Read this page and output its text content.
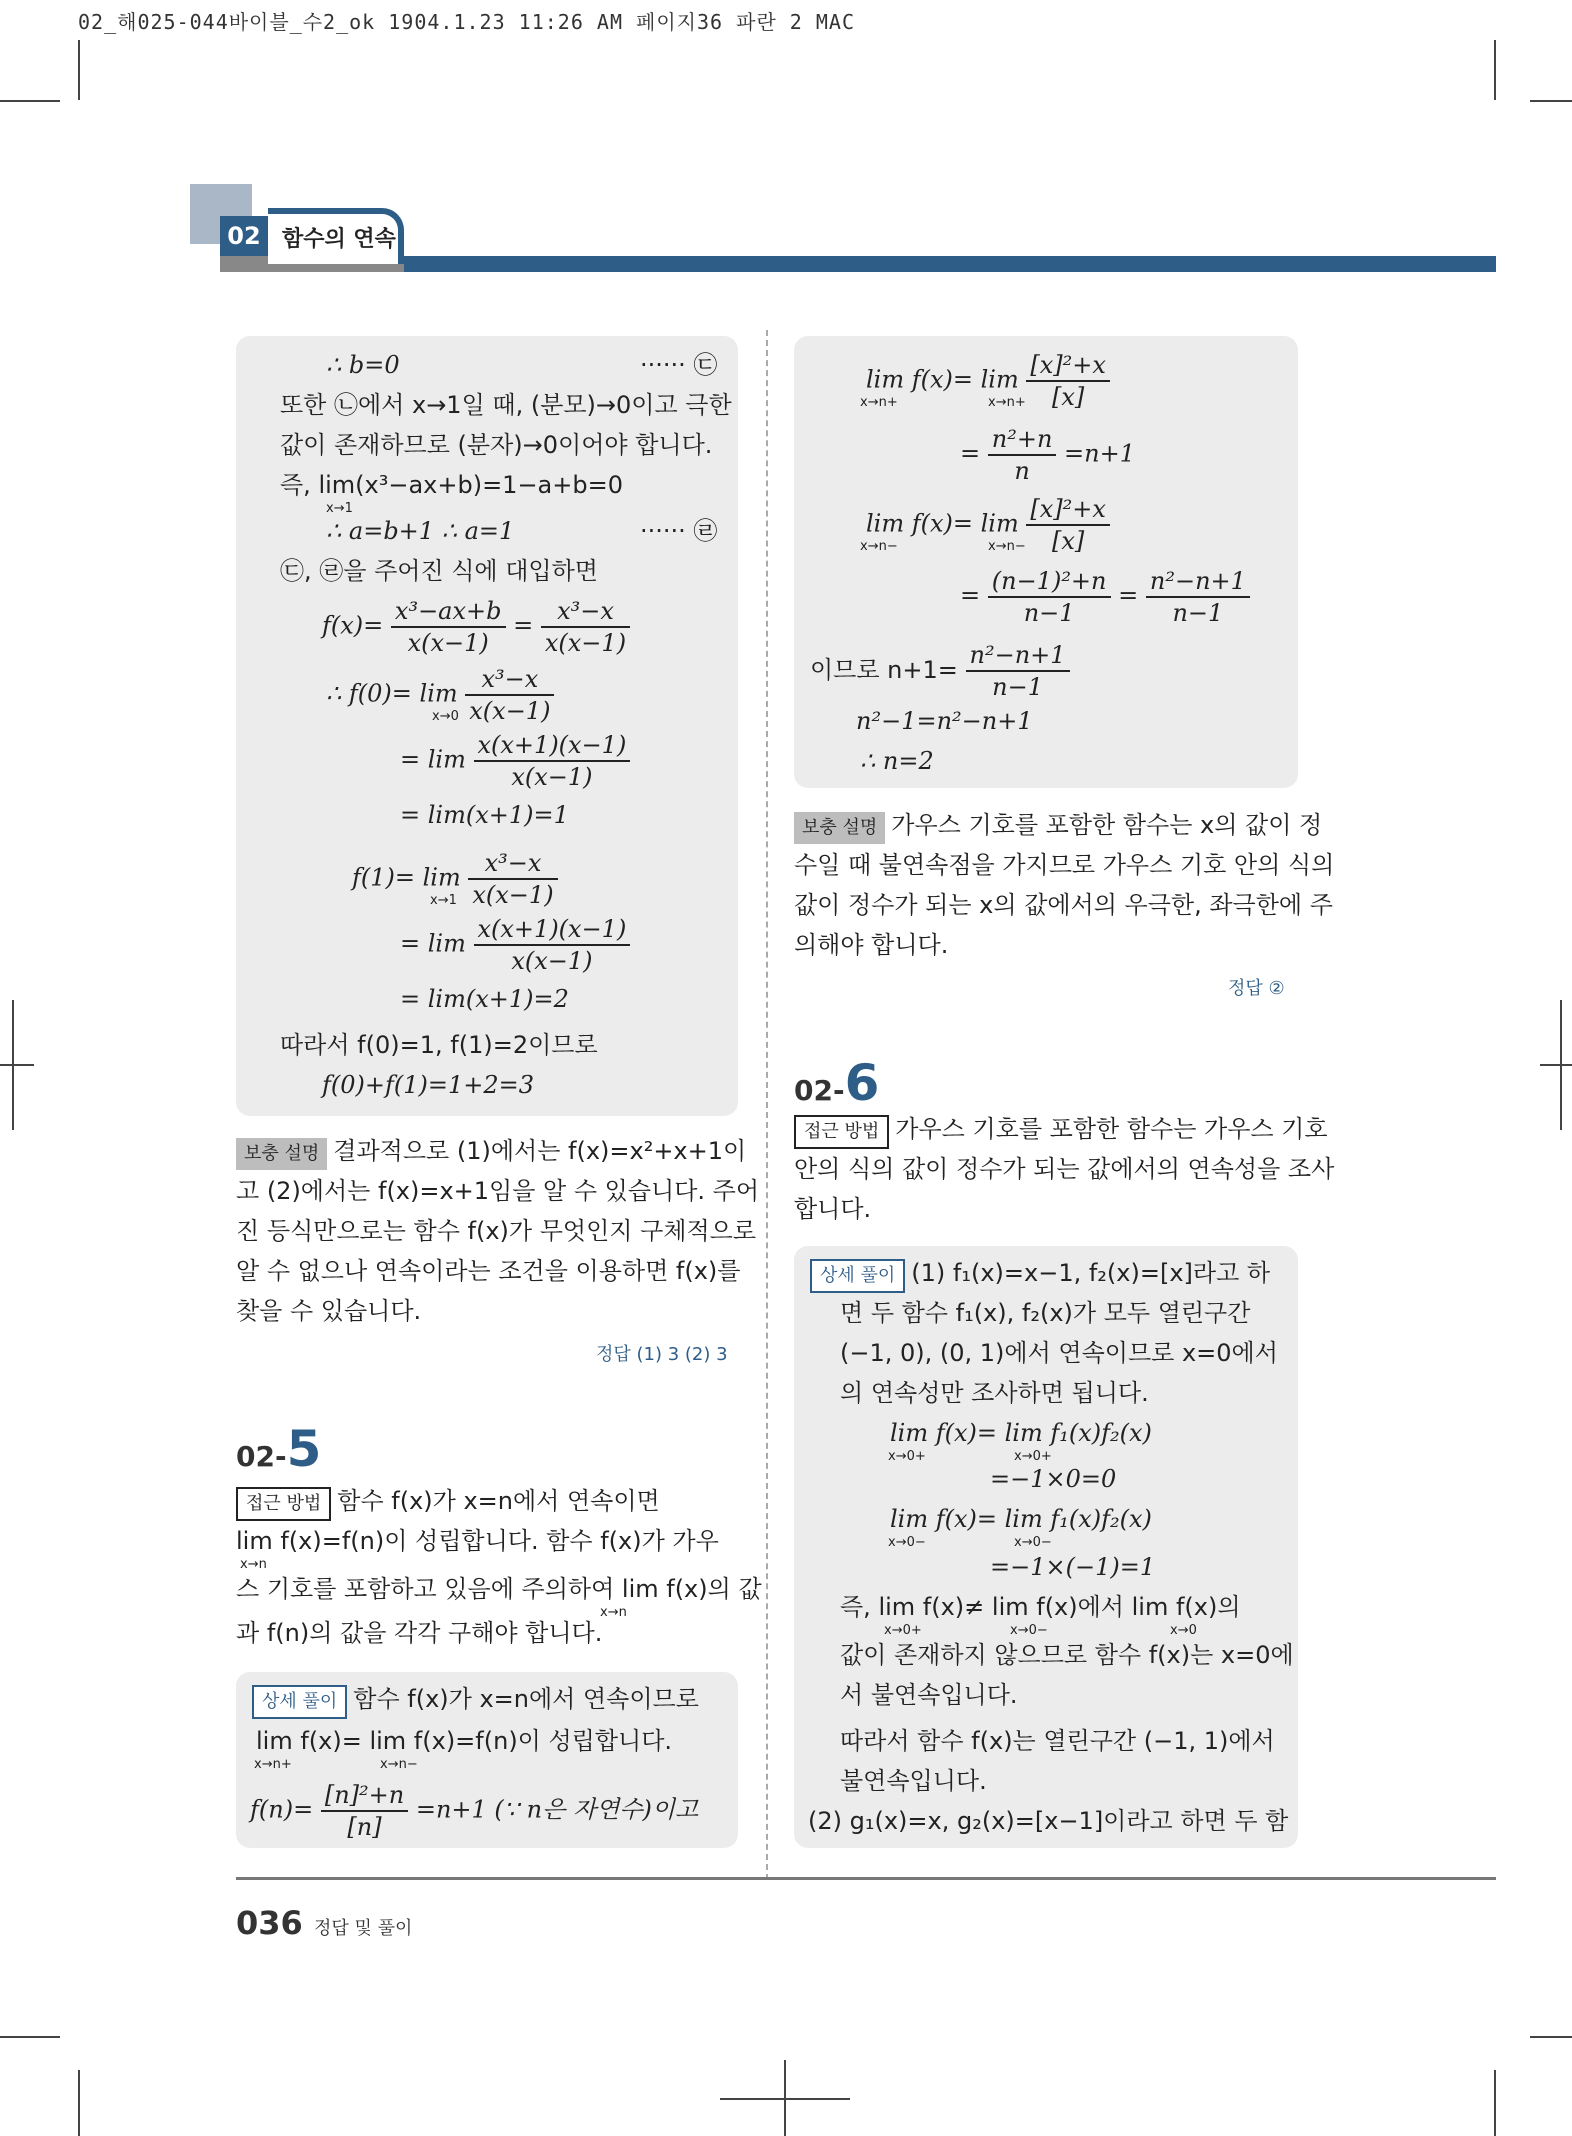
02_해025-044바이블_수2_ok 1904.1.23 11:26 AM 페이지36 파란 2 MAC
02 함수의 연속
∴ b=0	······ ㉢
또한 ㉡에서 x→1일 때, (분모)→0이고 극한
값이 존재하므로 (분자)→0이어야 합니다.
즉, lim(x³−ax+b)=1−a+b=0
x→1
∴ a=b+1 ∴ a=1	······ ㉣
㉢, ㉣을 주어진 식에 대입하면
$f(x)= \frac{\text{x³−ax+b}}{x(x-1)} = \frac{\text{x³−x}}{x(x-1)}$
∴ $f(0)= \lim \frac{\text{x³−x}}{x(x-1)}$
x→0
= $\lim \frac{x(x+1)(x-1)}{x(x-1)}$
= lim(x+1)=1
$f(1)= \lim \frac{\text{x³−x}}{x(x-1)}$
x→1
= $\lim \frac{x(x+1)(x-1)}{x(x-1)}$
= lim(x+1)=2
따라서 f(0)=1, f(1)=2이므로
f(0)+f(1)=1+2=3
보충 설명 결과적으로 (1)에서는 f(x)=x²+x+1이
고 (2)에서는 f(x)=x+1임을 알 수 있습니다. 주어
진 등식만으로는 함수 f(x)가 무엇인지 구체적으로
알 수 없으나 연속이라는 조건을 이용하면 f(x)를
찾을 수 있습니다.
정답 (1) 3 (2) 3
02-5
접근 방법 함수 f(x)가 x=n에서 연속이면
lim f(x)=f(n)이 성립합니다. 함수 f(x)가 가우
x→n
스 기호를 포함하고 있음에 주의하여 lim f(x)의 값
x→n
과 f(n)의 값을 각각 구해야 합니다.
상세 풀이 함수 f(x)가 x=n에서 연속이므로
lim f(x)= lim f(x)=f(n)이 성립합니다.
x→n+	x→n−
$f(n)= \frac{\text{[n]²+n}}{[n]} =n+1$ (∵ n은 자연수)이고
$\lim f(x)= \lim \frac{\text{[x]²+x}}{[x]}$
x→n+	x→n+
= $\frac{\text{n²+n}}{n} =n+1$
$\lim f(x)= \lim \frac{\text{[x]²+x}}{[x]}$
x→n−	x→n−
= $\frac{\text{(n−1)²+n}}{n-1} = \frac{\text{n²−n+1}}{n-1}$
이므로 $n+1= \frac{\text{n²−n+1}}{n-1}$
n²−1=n²−n+1
∴ n=2
보충 설명 가우스 기호를 포함한 함수는 x의 값이 정
수일 때 불연속점을 가지므로 가우스 기호 안의 식의
값이 정수가 되는 x의 값에서의 우극한, 좌극한에 주
의해야 합니다.
정답 ②
02-6
접근 방법 가우스 기호를 포함한 함수는 가우스 기호
안의 식의 값이 정수가 되는 값에서의 연속성을 조사
합니다.
상세 풀이 (1) f₁(x)=x−1, f₂(x)=[x]라고 하
면 두 함수 f₁(x), f₂(x)가 모두 열린구간
(−1, 0), (0, 1)에서 연속이므로 x=0에서
의 연속성만 조사하면 됩니다.
lim f(x)= lim f₁(x)f₂(x)
x→0+	x→0+
=−1×0=0
lim f(x)= lim f₁(x)f₂(x)
x→0−	x→0−
=−1×(−1)=1
즉, lim f(x)≠ lim f(x)에서 lim f(x)의
x→0+	x→0−	x→0
값이 존재하지 않으므로 함수 f(x)는 x=0에
서 불연속입니다.
따라서 함수 f(x)는 열린구간 (−1, 1)에서
불연속입니다.
(2) g₁(x)=x, g₂(x)=[x−1]이라고 하면 두 함
036 정답 및 풀이
